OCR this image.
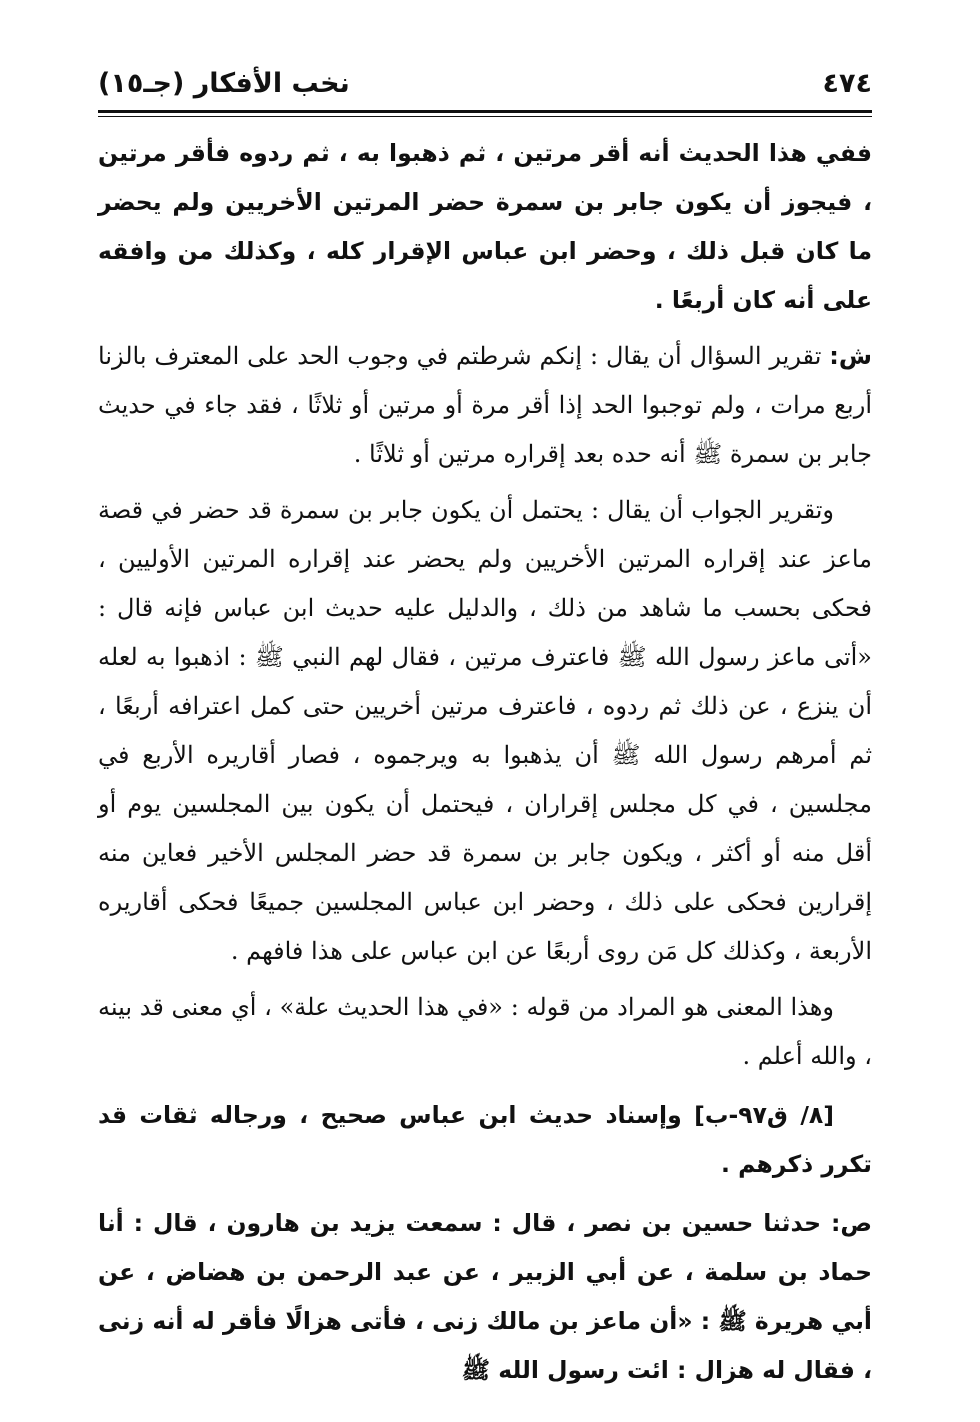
٤٧٤
نخب الأفكار (جـ١٥)

ففي هذا الحديث أنه أقر مرتين ، ثم ذهبوا به ، ثم ردوه فأقر مرتين ، فيجوز أن يكون جابر بن سمرة حضر المرتين الأخريين ولم يحضر ما كان قبل ذلك ، وحضر ابن عباس الإقرار كله ، وكذلك من وافقه على أنه كان أربعًا .

ش: تقرير السؤال أن يقال : إنكم شرطتم في وجوب الحد على المعترف بالزنا أربع مرات ، ولم توجبوا الحد إذا أقر مرة أو مرتين أو ثلاثًا ، فقد جاء في حديث جابر بن سمرة ﷺ أنه حده بعد إقراره مرتين أو ثلاثًا .

وتقرير الجواب أن يقال : يحتمل أن يكون جابر بن سمرة قد حضر في قصة ماعز عند إقراره المرتين الأخريين ولم يحضر عند إقراره المرتين الأوليين ، فحكى بحسب ما شاهد من ذلك ، والدليل عليه حديث ابن عباس فإنه قال : «أتى ماعز رسول الله ﷺ فاعترف مرتين ، فقال لهم النبي ﷺ : اذهبوا به لعله أن ينزع ، عن ذلك ثم ردوه ، فاعترف مرتين أخريين حتى كمل اعترافه أربعًا ، ثم أمرهم رسول الله ﷺ أن يذهبوا به ويرجموه ، فصار أقاريره الأربع في مجلسين ، في كل مجلس إقراران ، فيحتمل أن يكون بين المجلسين يوم أو أقل منه أو أكثر ، ويكون جابر بن سمرة قد حضر المجلس الأخير فعاين منه إقرارين فحكى على ذلك ، وحضر ابن عباس المجلسين جميعًا فحكى أقاريره الأربعة ، وكذلك كل مَن روى أربعًا عن ابن عباس على هذا فافهم .

وهذا المعنى هو المراد من قوله : «في هذا الحديث علة» ، أي معنى قد بينه ، والله أعلم .

[٨/ ق٩٧-ب] وإسناد حديث ابن عباس صحيح ، ورجاله ثقات قد تكرر ذكرهم .

ص: حدثنا حسين بن نصر ، قال : سمعت يزيد بن هارون ، قال : أنا حماد بن سلمة ، عن أبي الزبير ، عن عبد الرحمن بن هضاض ، عن أبي هريرة ﷺ : «أن ماعز بن مالك زنى ، فأتى هزالًا فأقر له أنه زنى ، فقال له هزال : ائت رسول الله ﷺ
